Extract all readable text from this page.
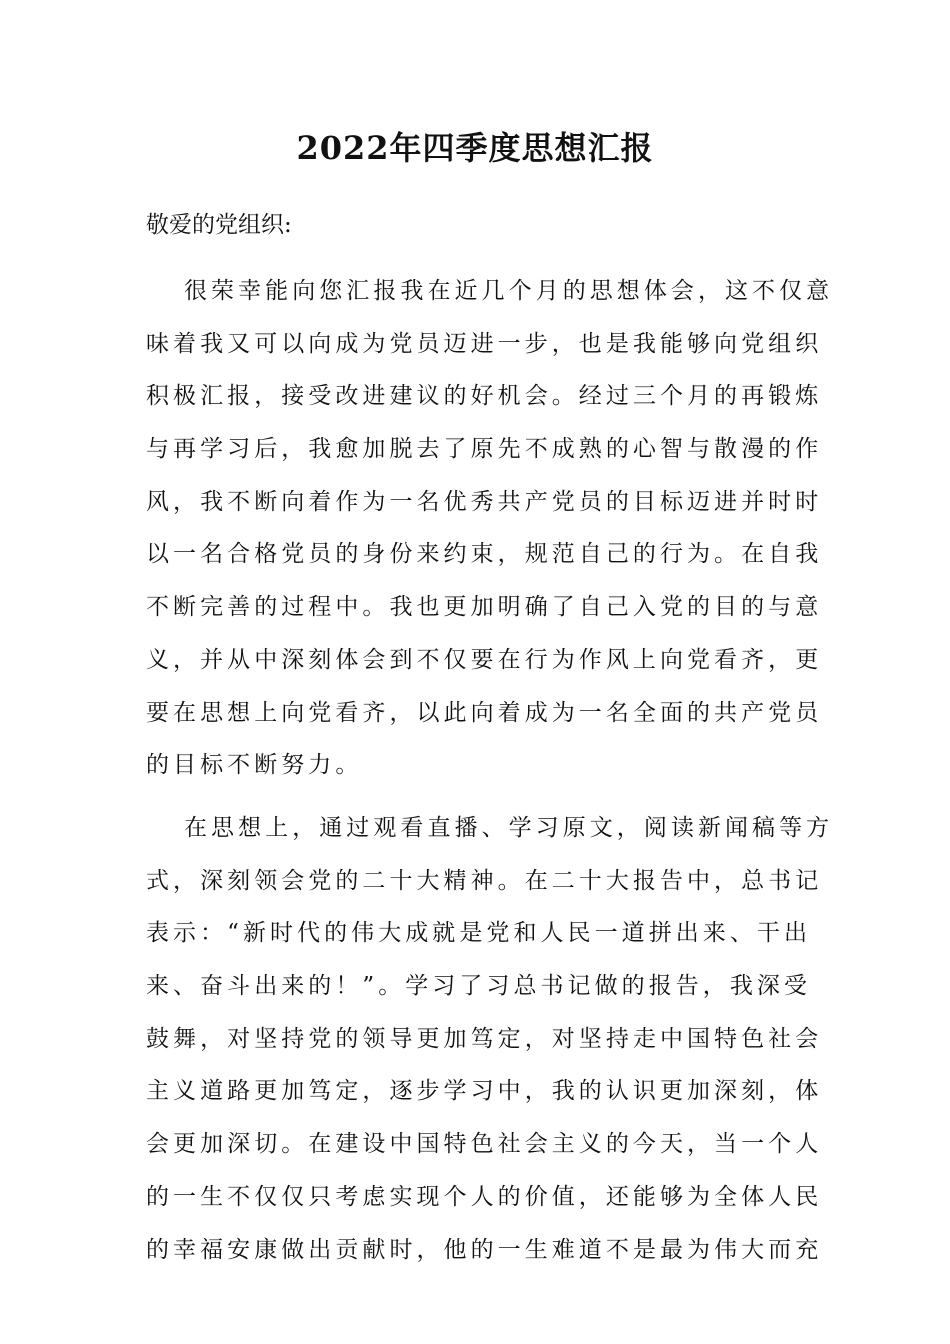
2022年四季度思想汇报
敬爱的党组织:
很荣幸能向您汇报我在近几个月的思想体会，这不仅意
味着我又可以向成为党员迈进一步，也是我能够向党组织
积极汇报，接受改进建议的好机会。经过三个月的再锻炼
与再学习后，我愈加脱去了原先不成熟的心智与散漫的作
风，我不断向着作为一名优秀共产党员的目标迈进并时时
以一名合格党员的身份来约束，规范自己的行为。在自我
不断完善的过程中。我也更加明确了自己入党的目的与意
义，并从中深刻体会到不仅要在行为作风上向党看齐，更
要在思想上向党看齐，以此向着成为一名全面的共产党员
的目标不断努力。
在思想上，通过观看直播、学习原文，阅读新闻稿等方
式，深刻领会党的二十大精神。在二十大报告中，总书记
表示：“新时代的伟大成就是党和人民一道拼出来、干出
来、奋斗出来的！”。学习了习总书记做的报告，我深受
鼓舞，对坚持党的领导更加笃定，对坚持走中国特色社会
主义道路更加笃定，逐步学习中，我的认识更加深刻，体
会更加深切。在建设中国特色社会主义的今天，当一个人
的一生不仅仅只考虑实现个人的价值，还能够为全体人民
的幸福安康做出贡献时，他的一生难道不是最为伟大而充
